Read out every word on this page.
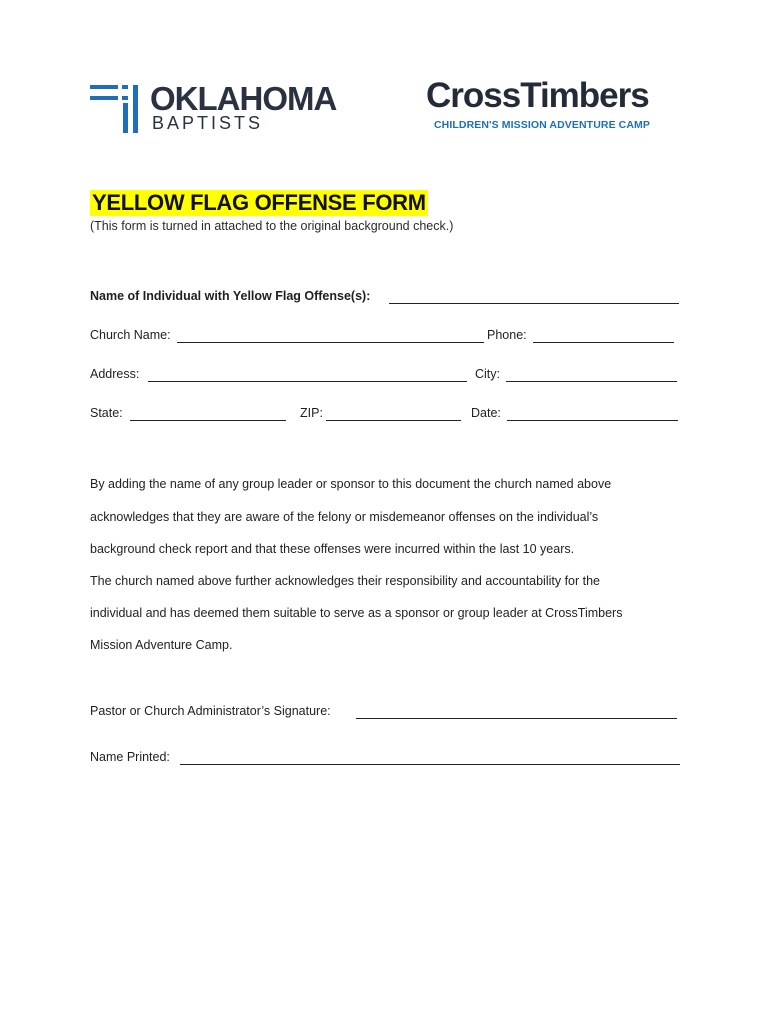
OKLAHOMA
BAPTISTS
CrossTimbers
CHILDREN'S MISSION ADVENTURE CAMP
YELLOW FLAG OFFENSE FORM
(This form is turned in attached to the original background check.)
Name of Individual with Yellow Flag Offense(s):
Church Name:	Phone:
Address:	City:
State:	ZIP:	Date:
By adding the name of any group leader or sponsor to this document the church named above
acknowledges that they are aware of the felony or misdemeanor offenses on the individual’s
background check report and that these offenses were incurred within the last 10 years.
The church named above further acknowledges their responsibility and accountability for the
individual and has deemed them suitable to serve as a sponsor or group leader at CrossTimbers
Mission Adventure Camp.
Pastor or Church Administrator’s Signature:
Name Printed:
